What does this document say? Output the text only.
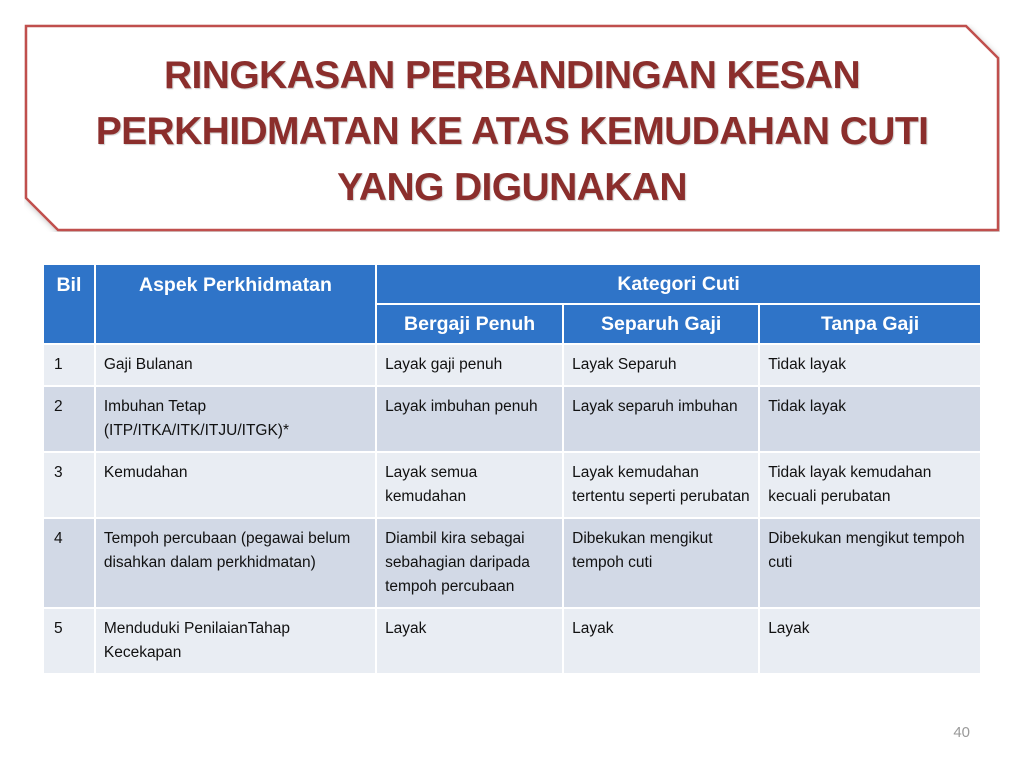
RINGKASAN PERBANDINGAN KESAN
PERKHIDMATAN KE ATAS KEMUDAHAN CUTI
YANG DIGUNAKAN
Bil	Aspek Perkhidmatan	Kategori Cuti		
		Bergaji Penuh	Separuh Gaji	Tanpa Gaji
1	Gaji Bulanan	Layak gaji penuh	Layak Separuh	Tidak layak
2	Imbuhan Tetap (ITP/ITKA/ITK/ITJU/ITGK)*	Layak imbuhan penuh	Layak separuh imbuhan	Tidak layak
3	Kemudahan	Layak semua kemudahan	Layak kemudahan tertentu seperti perubatan	Tidak layak kemudahan kecuali perubatan
4	Tempoh percubaan (pegawai belum disahkan dalam perkhidmatan)	Diambil kira sebagai sebahagian daripada tempoh percubaan	Dibekukan mengikut tempoh cuti	Dibekukan mengikut tempoh cuti
5	Menduduki PenilaianTahap Kecekapan	Layak	Layak	Layak
40
